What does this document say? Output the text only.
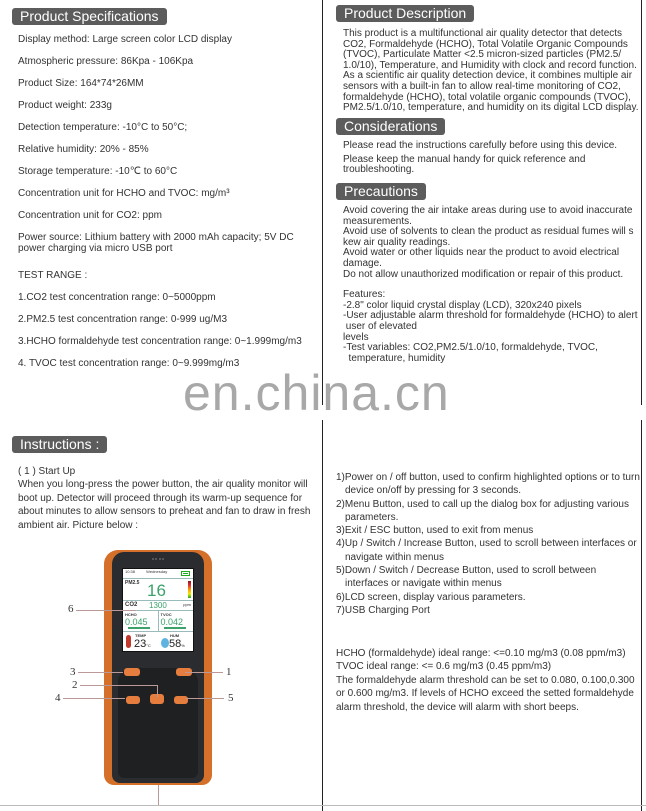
Product Specifications
Display method: Large screen color LCD display
Atmospheric pressure: 86Kpa - 106Kpa
Product Size: 164*74*26MM
Product weight: 233g
Detection temperature: -10°C to 50°C;
Relative humidity: 20% - 85%
Storage temperature: -10℃ to 60°C
Concentration unit for HCHO and TVOC: mg/m³
Concentration unit for CO2: ppm
Power source: Lithium battery with 2000 mAh capacity; 5V DC
power charging via micro USB port
TEST RANGE :
1.CO2 test concentration range: 0~5000ppm
2.PM2.5 test concentration range: 0-999 ug/M3
3.HCHO formaldehyde test concentration range: 0~1.999mg/m3
4. TVOC test concentration range: 0~9.999mg/m3
Product Description
This product is a multifunctional air quality detector that detects
CO2, Formaldehyde (HCHO), Total Volatile Organic Compounds
(TVOC), Particulate Matter <2.5 micron-sized particles (PM2.5/
1.0/10), Temperature, and Humidity with clock and record function.
As a scientific air quality detection device, it combines multiple air
sensors with a built-in fan to allow real-time monitoring of CO2,
formaldehyde (HCHO), total volatile organic compounds (TVOC),
PM2.5/1.0/10, temperature, and humidity on its digital LCD display.
Considerations
Please read the instructions carefully before using this device.
Please keep the manual handy for quick reference and
troubleshooting.
Precautions
Avoid covering the air intake areas during use to avoid inaccurate
measurements.
Avoid use of solvents to clean the product as residual fumes will s
kew air quality readings.
Avoid water or other liquids near the product to avoid electrical
damage.
Do not allow unauthorized modification or repair of this product.
Features:
-2.8" color liquid crystal display (LCD), 320x240 pixels
-User adjustable alarm threshold for formaldehyde (HCHO) to alert
user of elevated
levels
-Test variables: CO2,PM2.5/1.0/10, formaldehyde, TVOC,
temperature, humidity
en.china.cn
Instructions :
( 1 ) Start Up
When you long-press the power button, the air quality monitor will
boot up. Detector will proceed through its warm-up sequence for
about minutes to allow sensors to preheat and fan to draw in fresh
ambient air. Picture below :
10:38	Wednesday
PM2.5 16
CO2 1300	ppm
HCHO
0.045
TVOC
0.042
TEMP
23°C
HUM
58%
6
3	1
2
4	5
1)Power on / off button, used to confirm highlighted options or to turn device on/off by pressing for 3 seconds.
2)Menu Button, used to call up the dialog box for adjusting various parameters.
3)Exit / ESC button, used to exit from menus
4)Up / Switch / Increase Button, used to scroll between interfaces or navigate within menus
5)Down / Switch / Decrease Button, used to scroll between interfaces or navigate within menus
6)LCD screen, display various parameters.
7)USB Charging Port
HCHO (formaldehyde) ideal range: <=0.10 mg/m3 (0.08 ppm/m3)
TVOC ideal range: <= 0.6 mg/m3 (0.45 ppm/m3)
The formaldehyde alarm threshold can be set to 0.080, 0.100,0.300
or 0.600 mg/m3. If levels of HCHO exceed the setted formaldehyde
alarm threshold, the device will alarm with short beeps.
